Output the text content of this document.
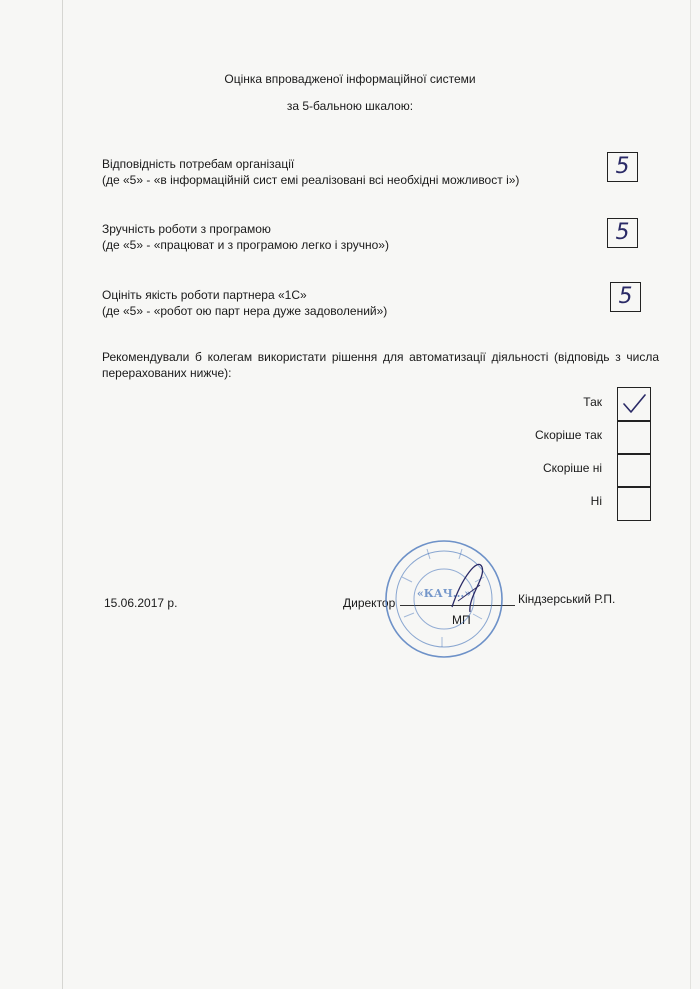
Оцінка впровадженої інформаційної системи
за 5-бальною шкалою:
Відповідність потребам організації
(де «5» - «в інформаційній сист емі реалізовані всі необхідні можливост і»)
5
Зручність роботи з програмою
(де «5» - «працюват и з програмою легко і зручно»)	5
Оцініть якість роботи партнера «1С»
(де «5» - «робот ою парт нера дуже задоволений»)
5
Рекомендували б колегам використати рішення для автоматизації діяльності (відповідь з числа перерахованих нижче):
Так
Скоріше так
Скоріше ні
Ні
15.06.2017 р.	Директор	Кіндзерський Р.П.
МП
«КАЧ...»
